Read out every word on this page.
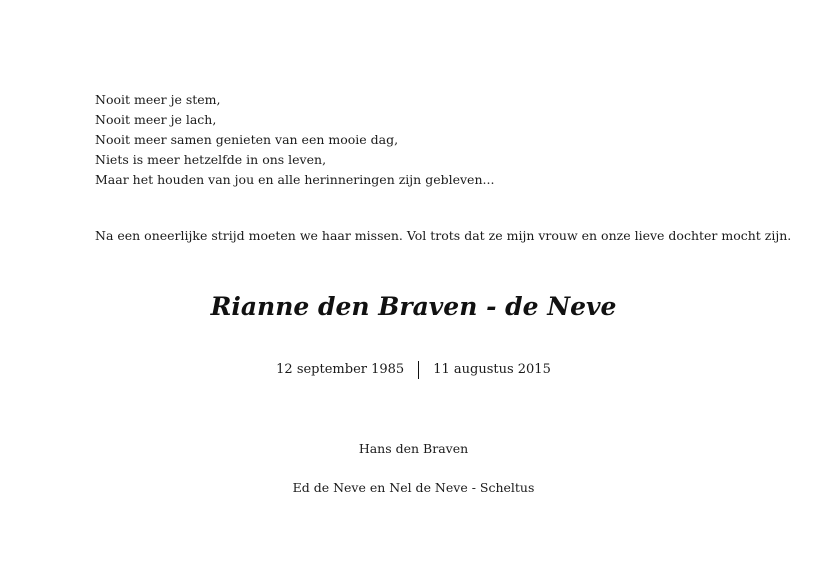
Nooit meer je stem,
Nooit meer je lach,
Nooit meer samen genieten van een mooie dag,
Niets is meer hetzelfde in ons leven,
Maar het houden van jou en alle herinneringen zijn gebleven...
Na een oneerlijke strijd moeten we haar missen. Vol trots dat ze mijn vrouw en onze lieve dochter mocht zijn.
Rianne den Braven - de Neve
12 september 1985 11 augustus 2015
Hans den Braven
Ed de Neve en Nel de Neve - Scheltus
